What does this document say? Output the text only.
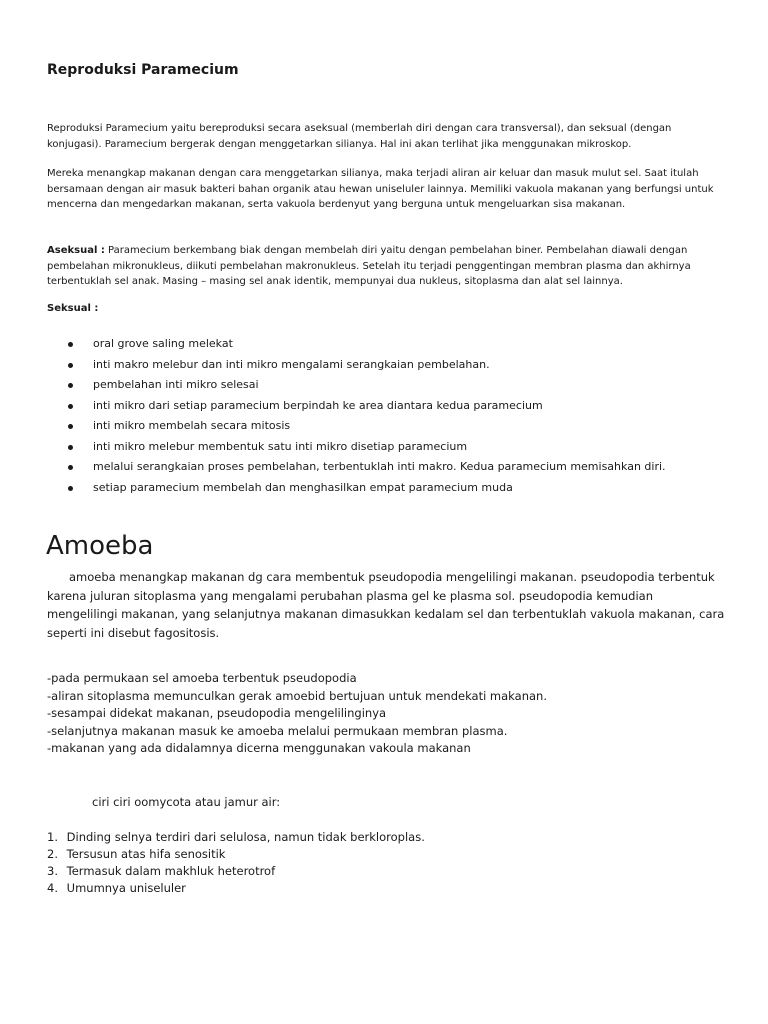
Reproduksi Paramecium

Reproduksi Paramecium yaitu bereproduksi secara aseksual (memberlah diri dengan cara transversal), dan seksual (dengan konjugasi). Paramecium bergerak dengan menggetarkan silianya. Hal ini akan terlihat jika menggunakan mikroskop.

Mereka menangkap makanan dengan cara menggetarkan silianya, maka terjadi aliran air keluar dan masuk mulut sel. Saat itulah bersamaan dengan air masuk bakteri bahan organik atau hewan uniseluler lainnya. Memiliki vakuola makanan yang berfungsi untuk mencerna dan mengedarkan makanan, serta vakuola berdenyut yang berguna untuk mengeluarkan sisa makanan.

Aseksual : Paramecium berkembang biak dengan membelah diri yaitu dengan pembelahan biner. Pembelahan diawali dengan pembelahan mikronukleus, diikuti pembelahan makronukleus. Setelah itu terjadi penggentingan membran plasma dan akhirnya terbentuklah sel anak. Masing – masing sel anak identik, mempunyai dua nukleus, sitoplasma dan alat sel lainnya.

Seksual :
oral grove saling melekat
inti makro melebur dan inti mikro mengalami serangkaian pembelahan.
pembelahan inti mikro selesai
inti mikro dari setiap paramecium berpindah ke area diantara kedua paramecium
inti mikro membelah secara mitosis
inti mikro melebur membentuk satu inti mikro disetiap paramecium
melalui serangkaian proses pembelahan, terbentuklah inti makro. Kedua paramecium memisahkan diri.
setiap paramecium membelah dan menghasilkan empat paramecium muda
Amoeba

amoeba menangkap makanan dg cara membentuk pseudopodia mengelilingi makanan. pseudopodia terbentuk karena juluran sitoplasma yang mengalami perubahan plasma gel ke plasma sol. pseudopodia kemudian mengelilingi makanan, yang selanjutnya makanan dimasukkan kedalam sel dan terbentuklah vakuola makanan, cara seperti ini disebut fagositosis.

-pada permukaan sel amoeba terbentuk pseudopodia
-aliran sitoplasma memunculkan gerak amoebid bertujuan untuk mendekati makanan.
-sesampai didekat makanan, pseudopodia mengelilinginya
-selanjutnya makanan masuk ke amoeba melalui permukaan membran plasma.
-makanan yang ada didalamnya dicerna menggunakan vakoula makanan
ciri ciri oomycota atau jamur air:
1. Dinding selnya terdiri dari selulosa, namun tidak berkloroplas.
2. Tersusun atas hifa senositik
3. Termasuk dalam makhluk heterotrof
4. Umumnya uniseluler
